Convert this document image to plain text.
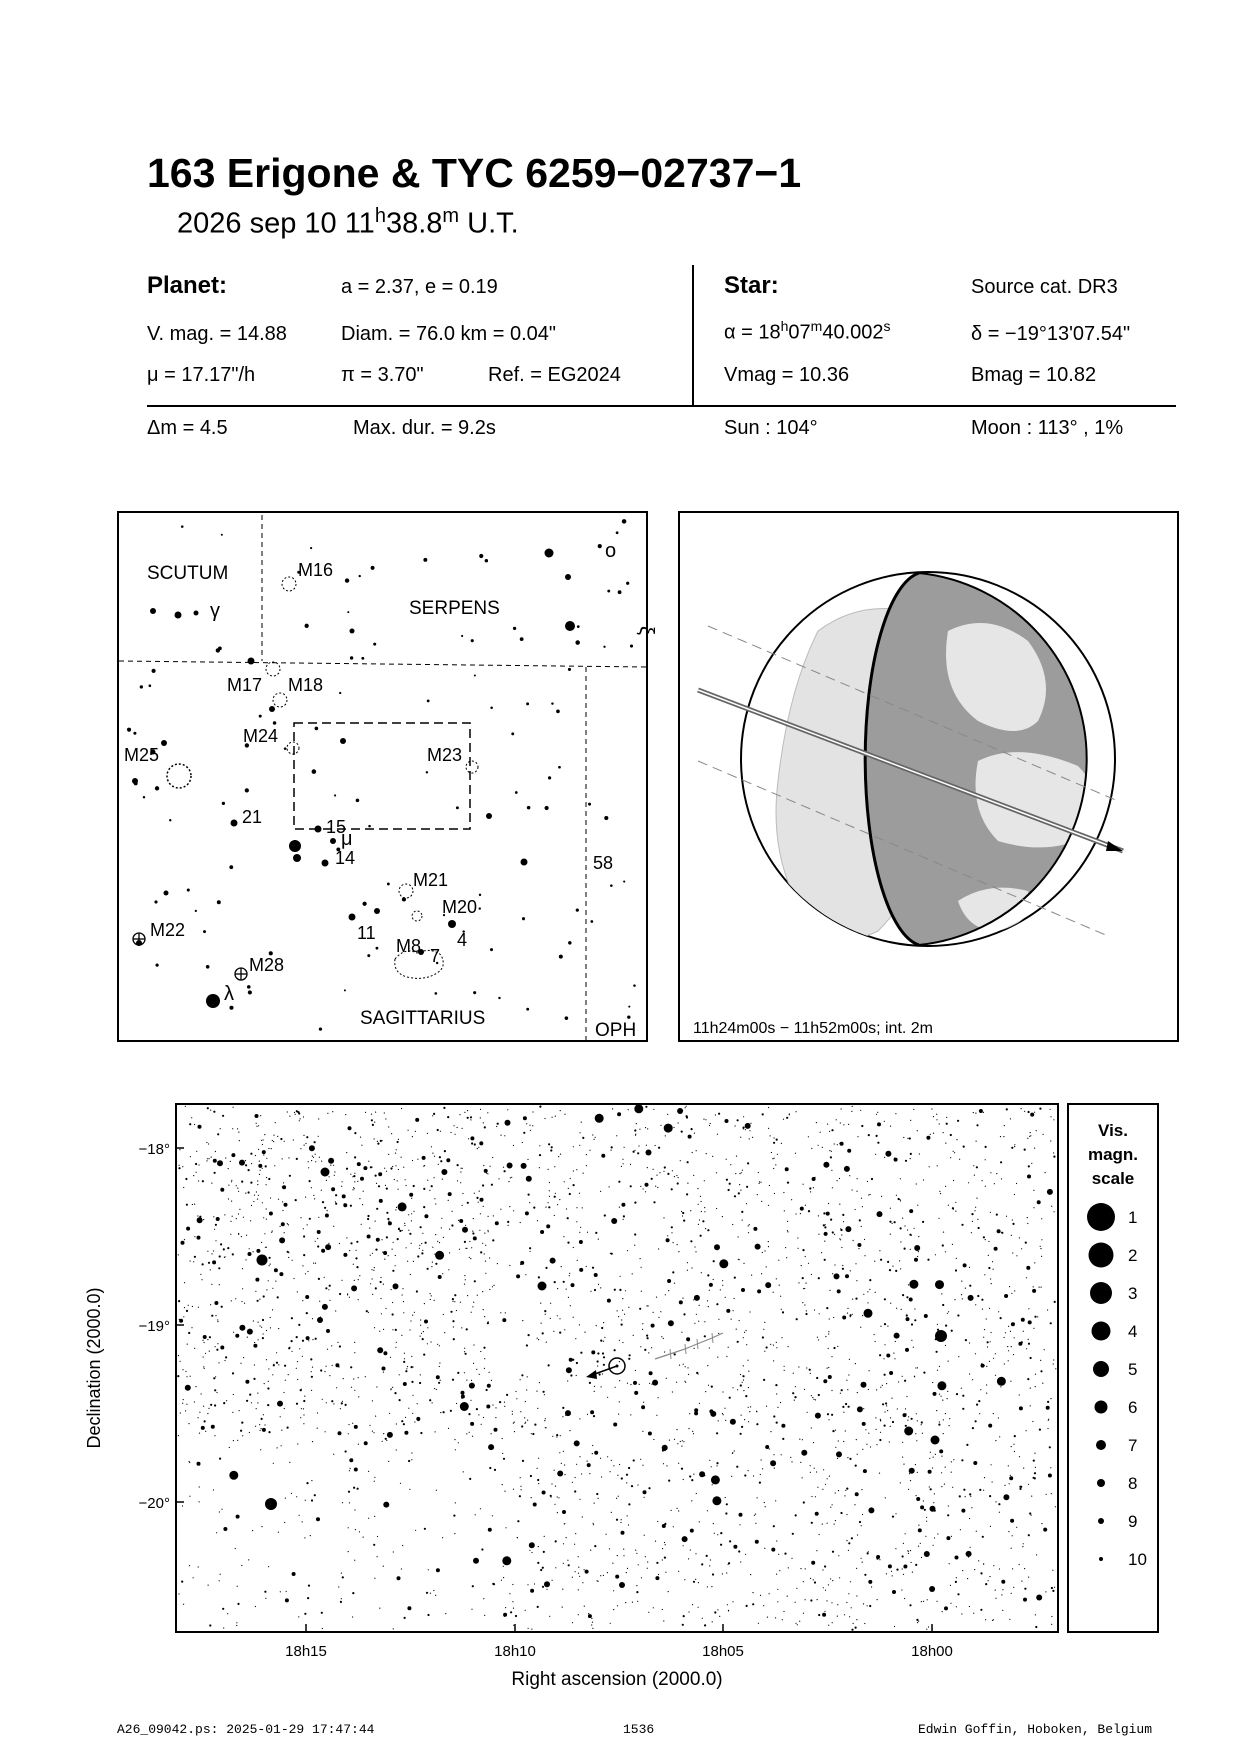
163 Erigone & TYC 6259−02737−1
2026 sep 10 11$^h$38.8$^m$ U.T.
Planet:	a = 2.37, e = 0.19
V. mag. = 14.88	Diam. = 76.0 km = 0.04"
μ = 17.17"/h	π = 3.70"	Ref. = EG2024
Star:	Source cat. DR3
$\alpha = 18^h07^m40.002^s$	δ = −19°13'07.54"
Vmag = 10.36	Bmag = 10.82
Δm = 4.5	Max. dur. = 9.2s	Sun : 104°	Moon : 113° , 1%
SCUTUM
SERPENS
SAGITTARIUS
OPH
M16
M17 M18
M24
M23
M25
M21
M20
M22
M8
M28
o
ξ
γ
21	15
μ
14	58
11	4
7
λ
11h24m00s − 11h52m00s; int. 2m
−18°
−19°
−20°
18h15	18h10	18h05	18h00
Right ascension (2000.0)
Declination (2000.0)
Vis.
magn.
scale
1
2
3
4
5
6
7
8
9
10
A26_09042.ps: 2025-01-29 17:47:44	1536	Edwin Goffin, Hoboken, Belgium
